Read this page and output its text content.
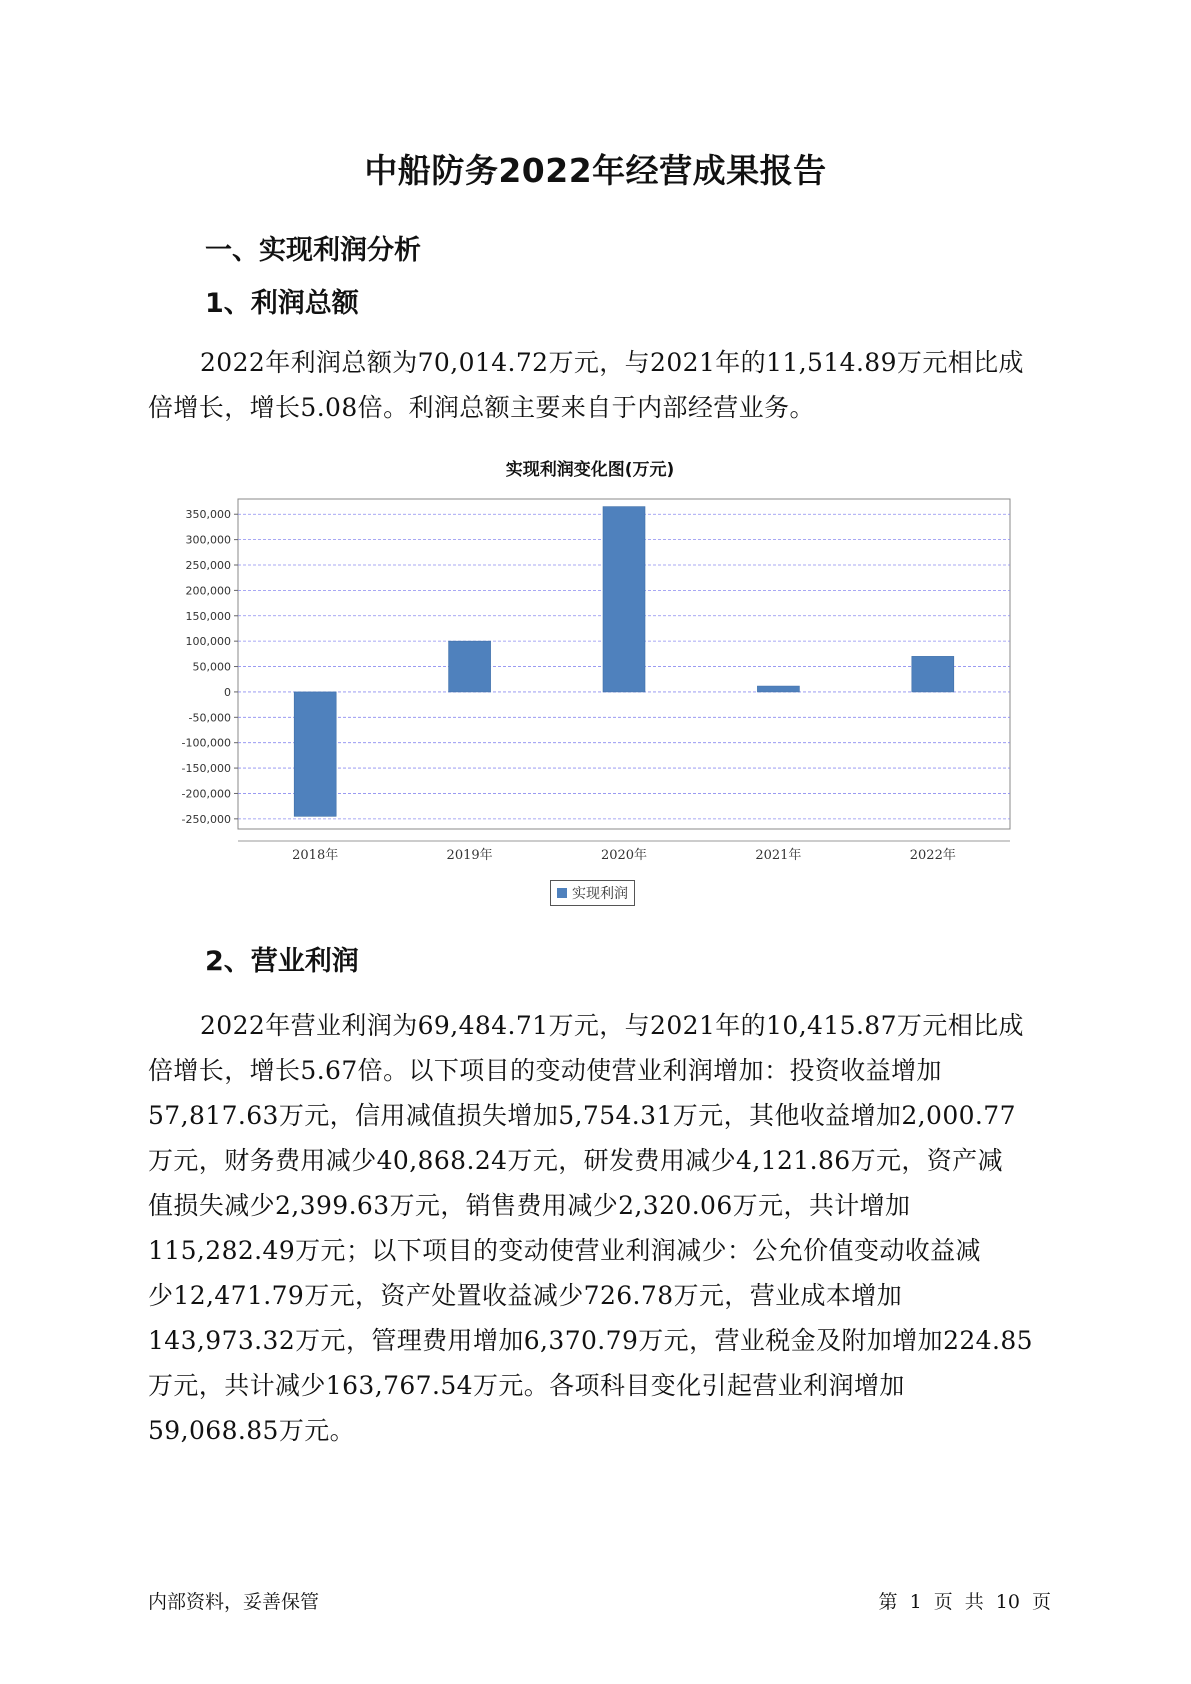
中船防务2022年经营成果报告
一、实现利润分析
1、利润总额
2022年利润总额为70,014.72万元，与2021年的11,514.89万元相比成
倍增长，增长5.08倍。利润总额主要来自于内部经营业务。
实现利润变化图(万元)
350,000
300,000
250,000
200,000
150,000
100,000
50,000
0
-50,000
-100,000
-150,000
-200,000
-250,000
2018年	2019年	2020年	2021年	2022年
实现利润
2、营业利润
2022年营业利润为69,484.71万元，与2021年的10,415.87万元相比成
倍增长，增长5.67倍。以下项目的变动使营业利润增加：投资收益增加
57,817.63万元，信用减值损失增加5,754.31万元，其他收益增加2,000.77
万元，财务费用减少40,868.24万元，研发费用减少4,121.86万元，资产减
值损失减少2,399.63万元，销售费用减少2,320.06万元，共计增加
115,282.49万元；以下项目的变动使营业利润减少：公允价值变动收益减
少12,471.79万元，资产处置收益减少726.78万元，营业成本增加
143,973.32万元，管理费用增加6,370.79万元，营业税金及附加增加224.85
万元，共计减少163,767.54万元。各项科目变化引起营业利润增加
59,068.85万元。
内部资料，妥善保管	第 1 页 共 10 页
